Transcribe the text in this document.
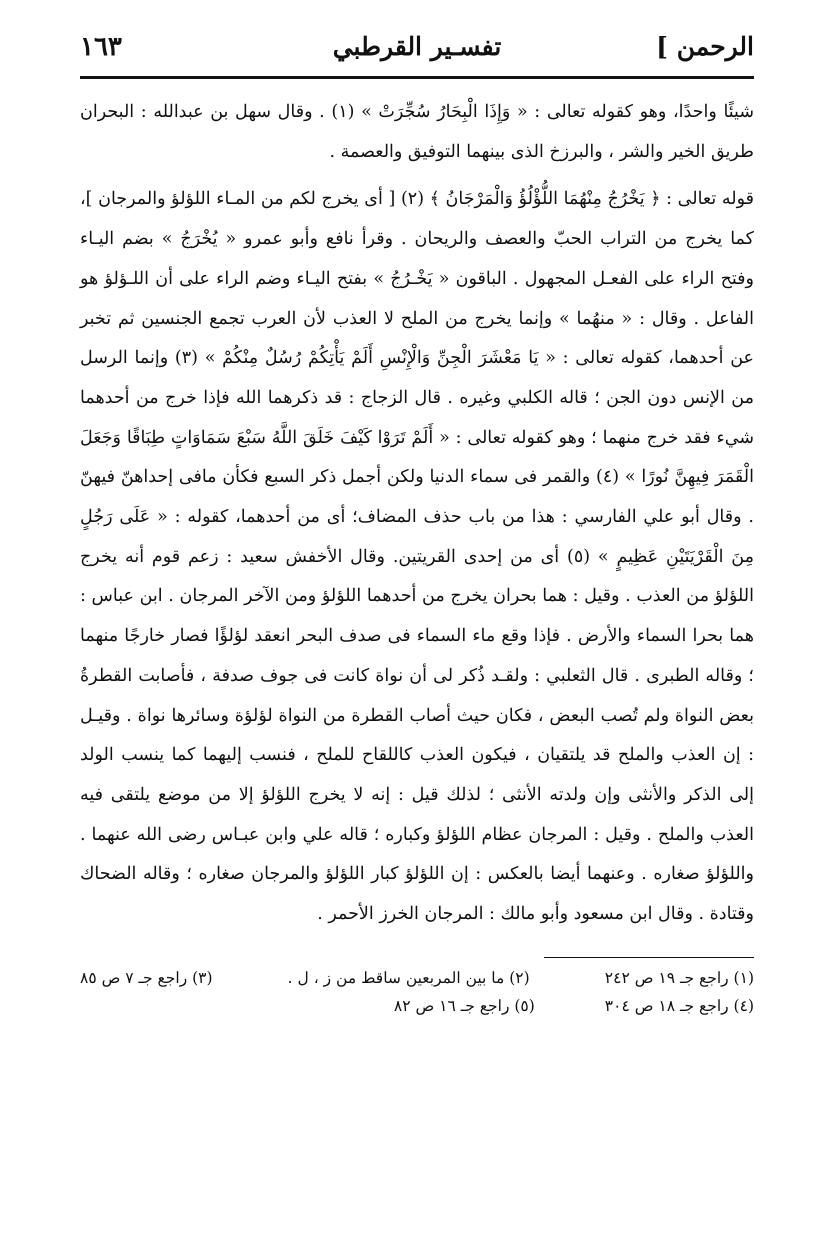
الرحمن ]
تفسـير القرطبي
١٦٣

شيئًا واحدًا، وهو كقوله تعالى : « وَإِذَا الْبِحَارُ سُجِّرَتْ » (١) . وقال سهل بن عبدالله : البحران طريق الخير والشر ، والبرزخ الذى بينهما التوفيق والعصمة .

قوله تعالى : ﴿ يَخْرُجُ مِنْهُمَا اللُّؤْلُؤُ وَالْمَرْجَانُ ﴾ (٢) [ أى يخرج لكم من المـاء اللؤلؤ والمرجان ]، كما يخرج من التراب الحبّ والعصف والريحان . وقرأ نافع وأبو عمرو « يُخْرَجُ » بضم اليـاء وفتح الراء على الفعـل المجهول . الباقون « يَخْـرُجُ » بفتح اليـاء وضم الراء على أن اللـؤلؤ هو الفاعل . وقال : « منهُما » وإنما يخرج من الملح لا العذب لأن العرب تجمع الجنسين ثم تخبر عن أحدهما، كقوله تعالى : « يَا مَعْشَرَ الْجِنِّ وَالْإِنْسِ أَلَمْ يَأْتِكُمْ رُسُلٌ مِنْكُمْ » (٣) وإنما الرسل من الإنس دون الجن ؛ قاله الكلبي وغيره . قال الزجاج : قد ذكرهما الله فإذا خرج من أحدهما شيء فقد خرج منهما ؛ وهو كقوله تعالى : « أَلَمْ تَرَوْا كَيْفَ خَلَقَ اللَّهُ سَبْعَ سَمَاوَاتٍ طِبَاقًا وَجَعَلَ الْقَمَرَ فِيهِنَّ نُورًا » (٤) والقمر فى سماء الدنيا ولكن أجمل ذكر السبع فكأن مافى إحداهنّ فيهنّ . وقال أبو علي الفارسي : هذا من باب حذف المضاف؛ أى من أحدهما، كقوله : « عَلَى رَجُلٍ مِنَ الْقَرْيَتَيْنِ عَظِيمٍ » (٥) أى من إحدى القريتين. وقال الأخفش سعيد : زعم قوم أنه يخرج اللؤلؤ من العذب . وقيل : هما بحران يخرج من أحدهما اللؤلؤ ومن الآخر المرجان . ابن عباس : هما بحرا السماء والأرض . فإذا وقع ماء السماء فى صدف البحر انعقد لؤلؤًا فصار خارجًا منهما ؛ وقاله الطبرى . قال الثعلبي : ولقـد ذُكر لى أن نواة كانت فى جوف صدفة ، فأصابت القطرةُ بعض النواة ولم تُصب البعض ، فكان حيث أصاب القطرة من النواة لؤلؤة وسائرها نواة . وقيـل : إن العذب والملح قد يلتقيان ، فيكون العذب كاللقاح للملح ، فنسب إليهما كما ينسب الولد إلى الذكر والأنثى وإن ولدته الأنثى ؛ لذلك قيل : إنه لا يخرج اللؤلؤ إلا من موضع يلتقى فيه العذب والملح . وقيل : المرجان عظام اللؤلؤ وكباره ؛ قاله علي وابن عبـاس رضى الله عنهما . واللؤلؤ صغاره . وعنهما أيضا بالعكس : إن اللؤلؤ كبار اللؤلؤ والمرجان صغاره ؛ وقاله الضحاك وقتادة . وقال ابن مسعود وأبو مالك : المرجان الخرز الأحمر .

(١) راجع جـ ١٩ ص ٢٤٢
(٢) ما بين المربعين ساقط من ز ، ل .
(٣) راجع جـ ٧ ص ٨٥
(٤) راجع جـ ١٨ ص ٣٠٤
(٥) راجع جـ ١٦ ص ٨٢
